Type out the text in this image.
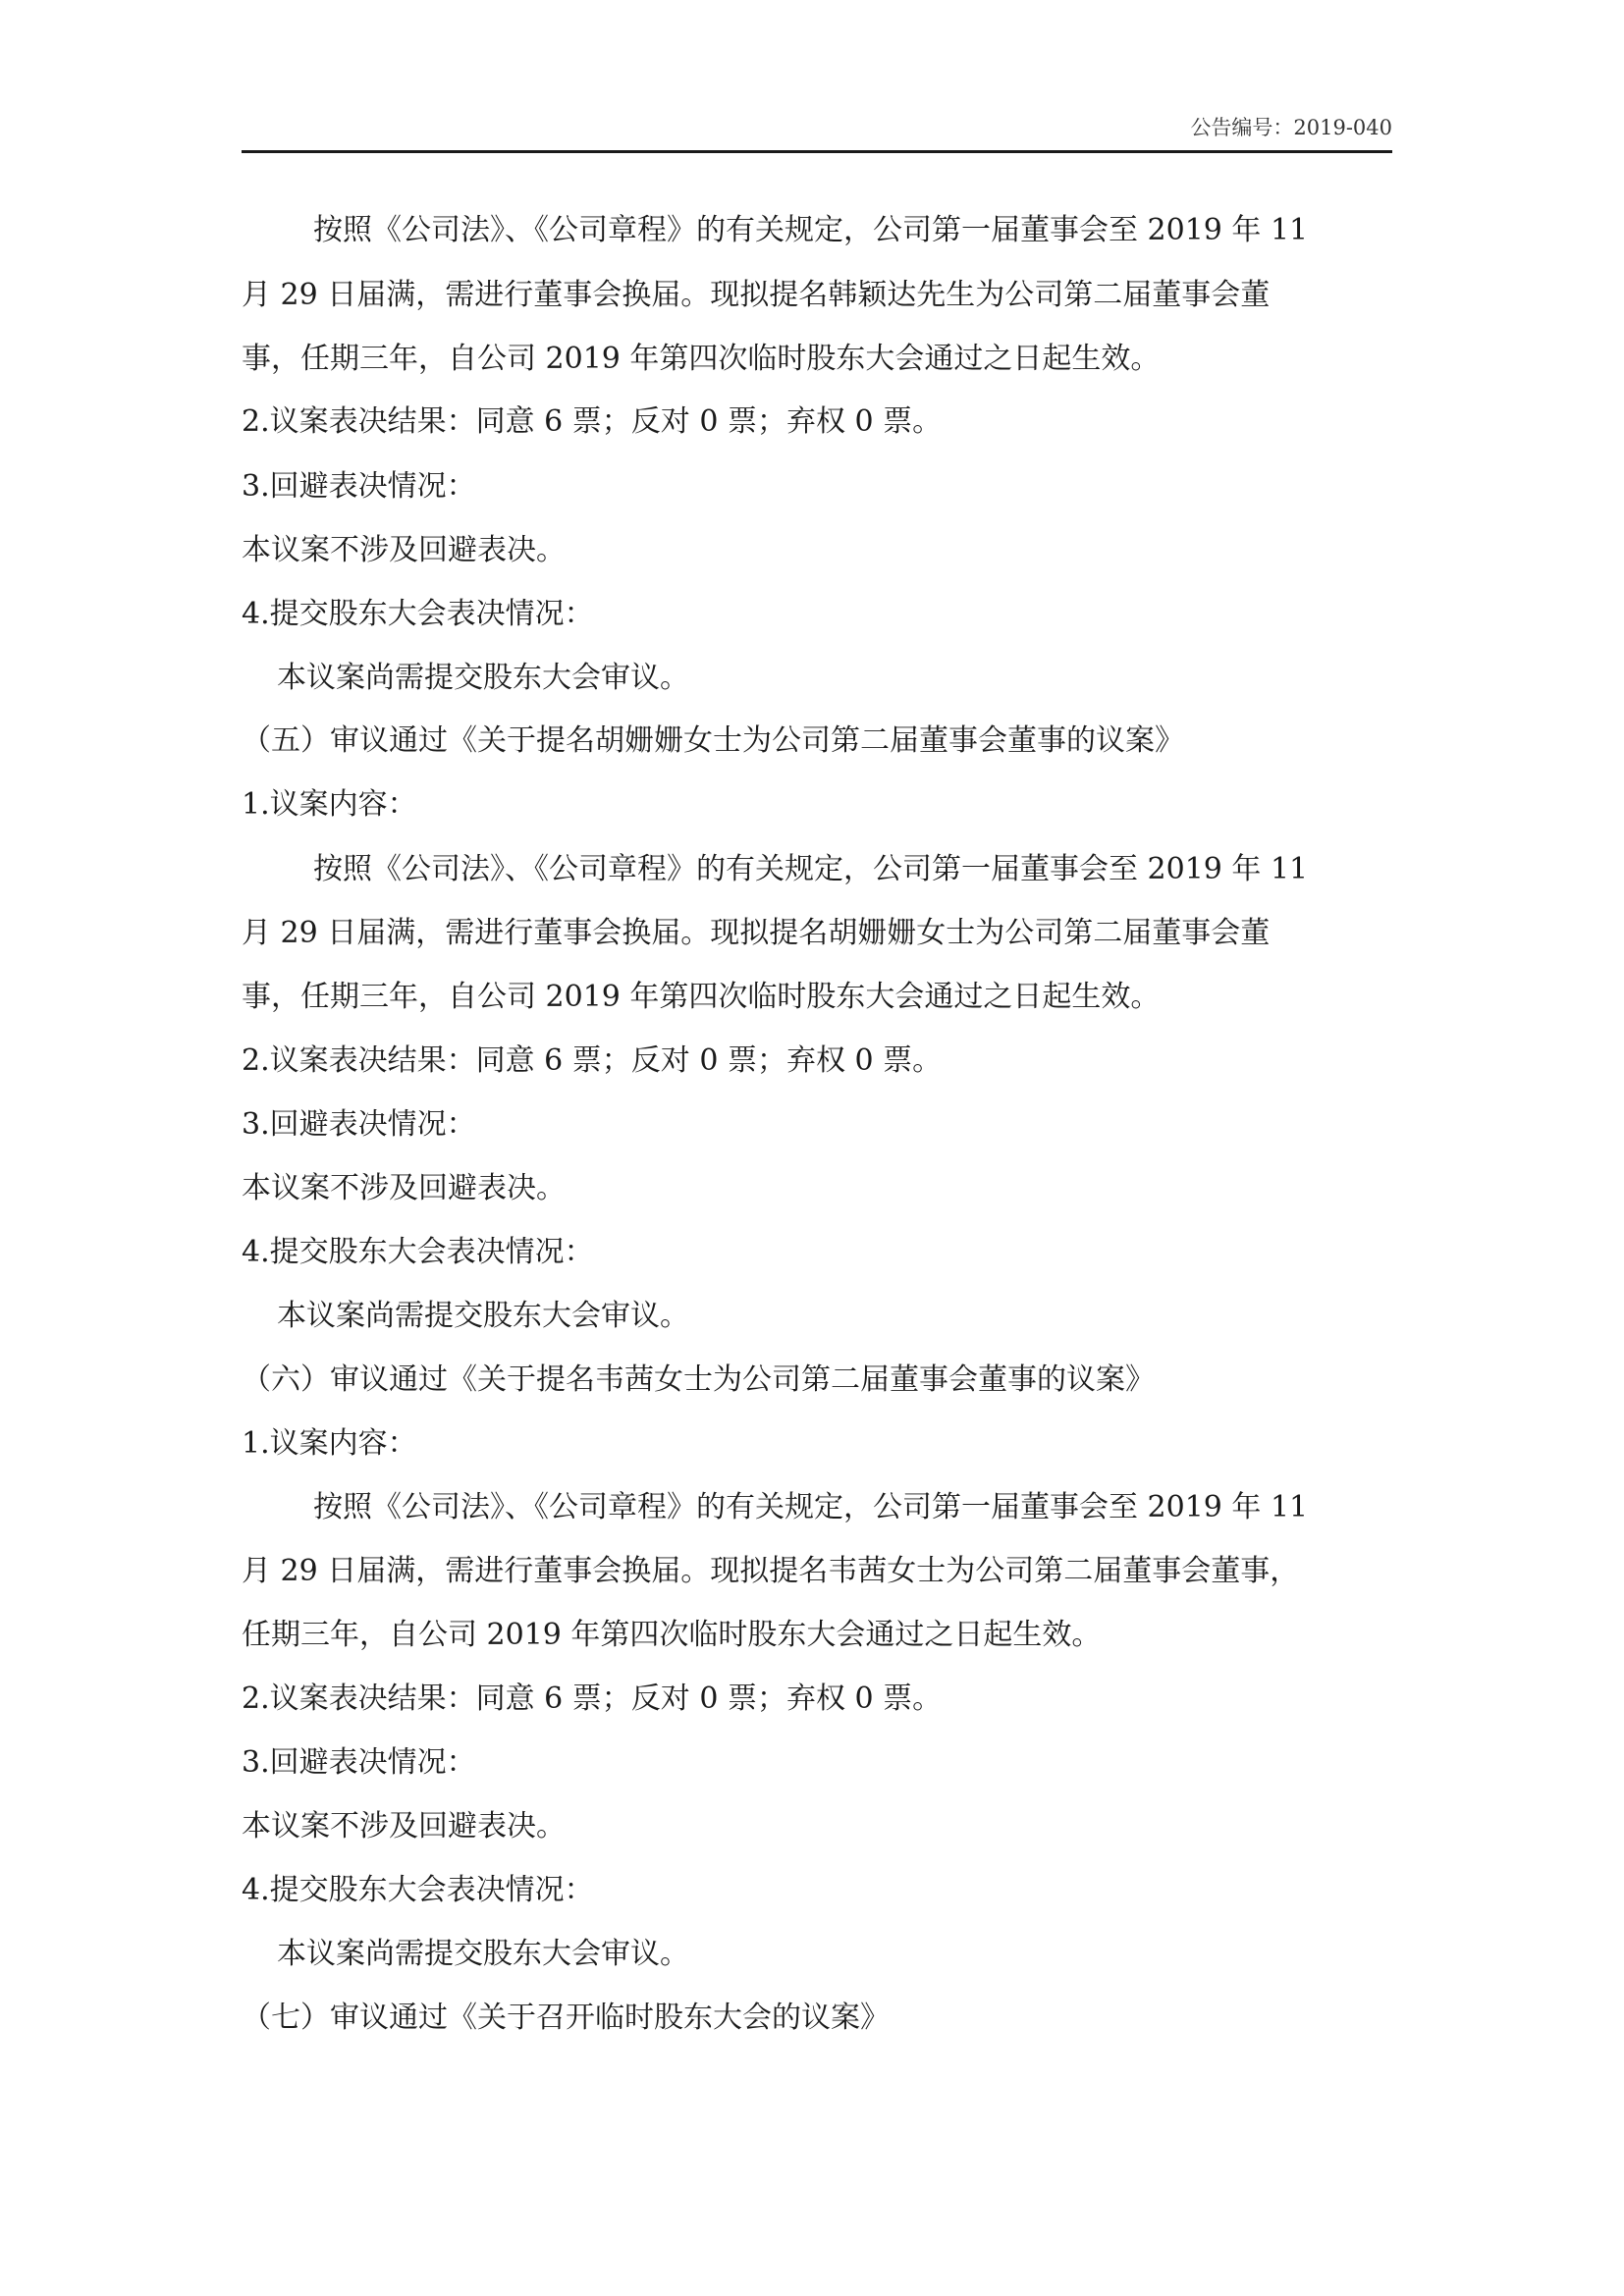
公告编号：2019-040
按照《公司法》、《公司章程》的有关规定，公司第一届董事会至 2019 年 11
月 29 日届满，需进行董事会换届。现拟提名韩颖达先生为公司第二届董事会董
事，任期三年，自公司 2019 年第四次临时股东大会通过之日起生效。
2.议案表决结果：同意 6 票；反对 0 票；弃权 0 票。
3.回避表决情况：
本议案不涉及回避表决。
4.提交股东大会表决情况：
本议案尚需提交股东大会审议。
（五）审议通过《关于提名胡姗姗女士为公司第二届董事会董事的议案》
1.议案内容：
按照《公司法》、《公司章程》的有关规定，公司第一届董事会至 2019 年 11
月 29 日届满，需进行董事会换届。现拟提名胡姗姗女士为公司第二届董事会董
事，任期三年，自公司 2019 年第四次临时股东大会通过之日起生效。
2.议案表决结果：同意 6 票；反对 0 票；弃权 0 票。
3.回避表决情况：
本议案不涉及回避表决。
4.提交股东大会表决情况：
本议案尚需提交股东大会审议。
（六）审议通过《关于提名韦茜女士为公司第二届董事会董事的议案》
1.议案内容：
按照《公司法》、《公司章程》的有关规定，公司第一届董事会至 2019 年 11
月 29 日届满，需进行董事会换届。现拟提名韦茜女士为公司第二届董事会董事，
任期三年，自公司 2019 年第四次临时股东大会通过之日起生效。
2.议案表决结果：同意 6 票；反对 0 票；弃权 0 票。
3.回避表决情况：
本议案不涉及回避表决。
4.提交股东大会表决情况：
本议案尚需提交股东大会审议。
（七）审议通过《关于召开临时股东大会的议案》
